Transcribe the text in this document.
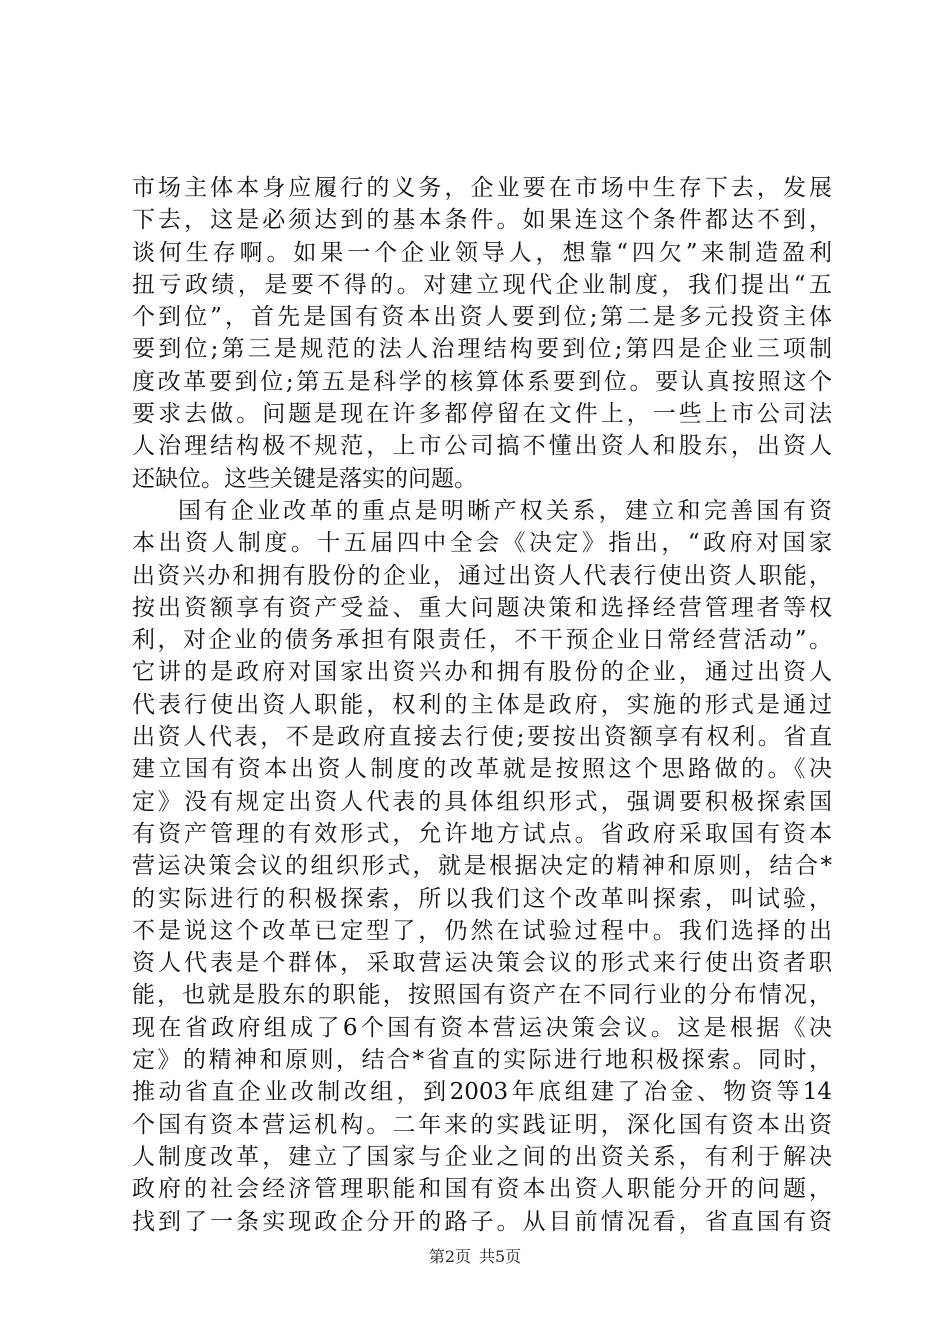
市场主体本身应履行的义务，企业要在市场中生存下去，发展
下去，这是必须达到的基本条件。如果连这个条件都达不到，
谈何生存啊。如果一个企业领导人，想靠“四欠”来制造盈利
扭亏政绩，是要不得的。对建立现代企业制度，我们提出“五
个到位”，首先是国有资本出资人要到位;第二是多元投资主体
要到位;第三是规范的法人治理结构要到位;第四是企业三项制
度改革要到位;第五是科学的核算体系要到位。要认真按照这个
要求去做。问题是现在许多都停留在文件上，一些上市公司法
人治理结构极不规范，上市公司搞不懂出资人和股东，出资人
还缺位。这些关键是落实的问题。
国有企业改革的重点是明晰产权关系，建立和完善国有资
本出资人制度。十五届四中全会《决定》指出，“政府对国家
出资兴办和拥有股份的企业，通过出资人代表行使出资人职能，
按出资额享有资产受益、重大问题决策和选择经营管理者等权
利，对企业的债务承担有限责任，不干预企业日常经营活动”。
它讲的是政府对国家出资兴办和拥有股份的企业，通过出资人
代表行使出资人职能，权利的主体是政府，实施的形式是通过
出资人代表，不是政府直接去行使;要按出资额享有权利。省直
建立国有资本出资人制度的改革就是按照这个思路做的。《决
定》没有规定出资人代表的具体组织形式，强调要积极探索国
有资产管理的有效形式，允许地方试点。省政府采取国有资本
营运决策会议的组织形式，就是根据决定的精神和原则，结合*
的实际进行的积极探索，所以我们这个改革叫探索，叫试验，
不是说这个改革已定型了，仍然在试验过程中。我们选择的出
资人代表是个群体，采取营运决策会议的形式来行使出资者职
能，也就是股东的职能，按照国有资产在不同行业的分布情况，
现在省政府组成了6个国有资本营运决策会议。这是根据《决
定》的精神和原则，结合*省直的实际进行地积极探索。同时，
推动省直企业改制改组，到2003年底组建了冶金、物资等14
个国有资本营运机构。二年来的实践证明，深化国有资本出资
人制度改革，建立了国家与企业之间的出资关系，有利于解决
政府的社会经济管理职能和国有资本出资人职能分开的问题，
找到了一条实现政企分开的路子。从目前情况看，省直国有资
第2页 共5页
